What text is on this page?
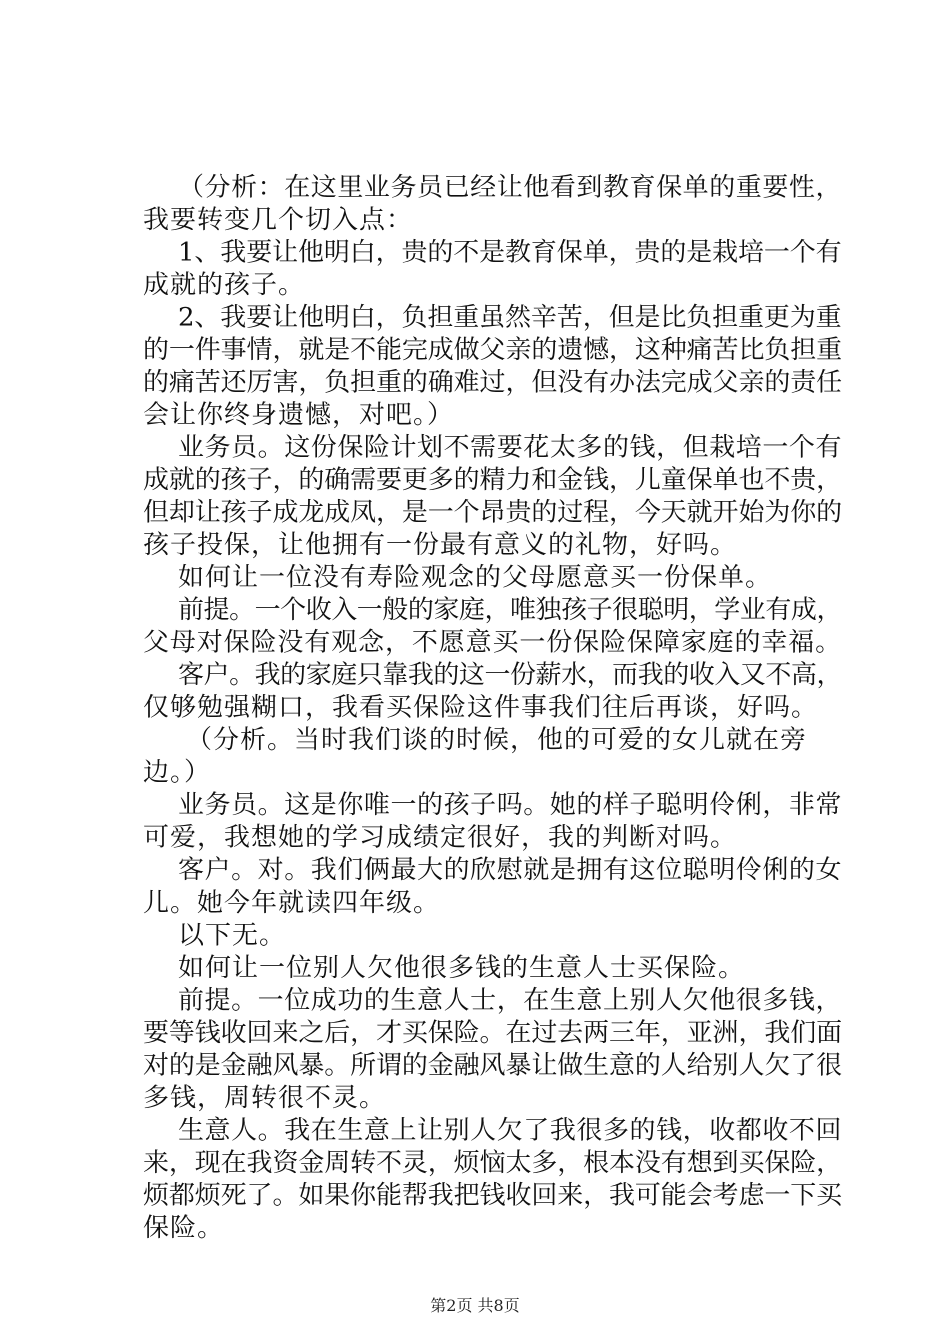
（分析：在这里业务员已经让他看到教育保单的重要性，
我要转变几个切入点：
1、我要让他明白，贵的不是教育保单，贵的是栽培一个有
成就的孩子。
2、我要让他明白，负担重虽然辛苦，但是比负担重更为重
的一件事情，就是不能完成做父亲的遗憾，这种痛苦比负担重
的痛苦还厉害，负担重的确难过，但没有办法完成父亲的责任
会让你终身遗憾，对吧。）
业务员。这份保险计划不需要花太多的钱，但栽培一个有
成就的孩子，的确需要更多的精力和金钱，儿童保单也不贵，
但却让孩子成龙成凤，是一个昂贵的过程，今天就开始为你的
孩子投保，让他拥有一份最有意义的礼物，好吗。
如何让一位没有寿险观念的父母愿意买一份保单。
前提。一个收入一般的家庭，唯独孩子很聪明，学业有成，
父母对保险没有观念，不愿意买一份保险保障家庭的幸福。
客户。我的家庭只靠我的这一份薪水，而我的收入又不高，
仅够勉强糊口，我看买保险这件事我们往后再谈，好吗。
（分析。当时我们谈的时候，他的可爱的女儿就在旁
边。）
业务员。这是你唯一的孩子吗。她的样子聪明伶俐，非常
可爱，我想她的学习成绩定很好，我的判断对吗。
客户。对。我们俩最大的欣慰就是拥有这位聪明伶俐的女
儿。她今年就读四年级。
以下无。
如何让一位别人欠他很多钱的生意人士买保险。
前提。一位成功的生意人士，在生意上别人欠他很多钱，
要等钱收回来之后，才买保险。在过去两三年，亚洲，我们面
对的是金融风暴。所谓的金融风暴让做生意的人给别人欠了很
多钱，周转很不灵。
生意人。我在生意上让别人欠了我很多的钱，收都收不回
来，现在我资金周转不灵，烦恼太多，根本没有想到买保险，
烦都烦死了。如果你能帮我把钱收回来，我可能会考虑一下买
保险。
第2页 共8页
